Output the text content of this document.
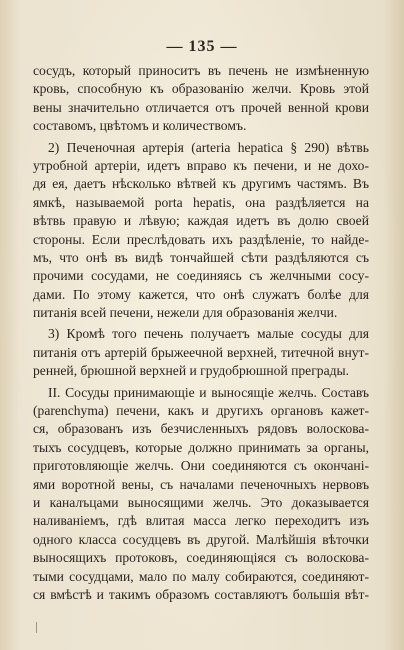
— 135 —

сосудъ, который приноситъ въ печень не измѣненную
кровь, способную къ образованію желчи. Кровь этой
вены значительно отличается отъ прочей венной крови
составомъ, цвѣтомъ и количествомъ.
2) Печеночная артерія (arteria hepatica § 290) вѣтвь
утробной артеріи, идетъ вправо къ печени, и не дохо-
дя ея, даетъ нѣсколько вѣтвей къ другимъ частямъ. Въ
ямкѣ, называемой porta hepatis, она раздѣляется на
вѣтвь правую и лѣвую; каждая идетъ въ долю своей
стороны. Если преслѣдовать ихъ раздѣленіе, то найде-
мъ, что онѣ въ видѣ тончайшей сѣти раздѣляются съ
прочими сосудами, не соединяясь съ желчными сосу-
дами. По этому кажется, что онѣ служатъ болѣе для
питанія всей печени, нежели для образованія желчи.
3) Кромѣ того печень получаетъ малые сосуды для
питанія отъ артерій брыжеечной верхней, титечной внут-
ренней, брюшной верхней и грудобрюшной преграды.
II. Сосуды принимающіе и выносящіе желчь. Составъ
(parenchyma) печени, какъ и другихъ органовъ кажет-
ся, образованъ изъ безчисленныхъ рядовъ волоскова-
тыхъ сосудцевъ, которые должно принимать за органы,
приготовляющіе желчь. Они соединяются съ окончані-
ями воротной вены, съ началами печеночныхъ нервовъ
и каналъцами выносящими желчь. Это доказывается
наливаніемъ, гдѣ влитая масса легко переходитъ изъ
одного класса сосудцевъ въ другой. Малѣйшія вѣточки
выносящихъ протоковъ, соединяющіяся съ волоскова-
тыми сосудцами, мало по малу собираются, соединяют-
ся вмѣстѣ и такимъ образомъ составляютъ большія вѣт-
